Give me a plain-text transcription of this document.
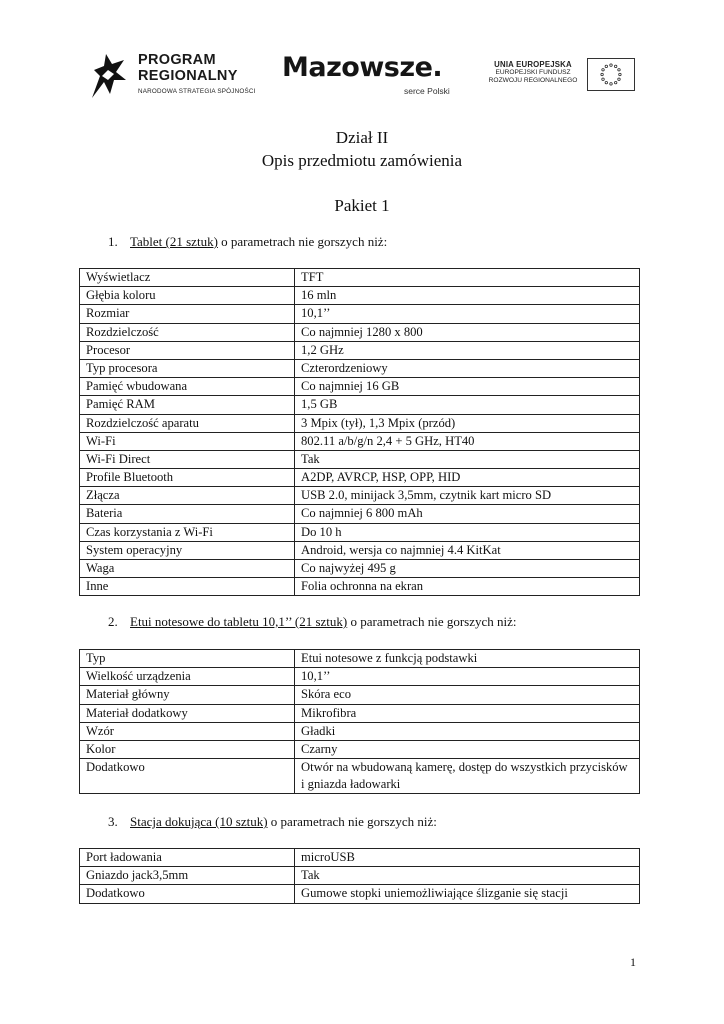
PROGRAM
REGIONALNY
NARODOWA STRATEGIA SPÓJNOŚCI
Mazowsze.
serce Polski
UNIA EUROPEJSKA
EUROPEJSKI FUNDUSZ
ROZWOJU REGIONALNEGO
Dział II
Opis przedmiotu zamówienia
Pakiet 1
1. Tablet (21 sztuk) o parametrach nie gorszych niż:
Wyświetlacz	TFT
Głębia koloru	16 mln
Rozmiar	10,1’’
Rozdzielczość	Co najmniej 1280 x 800
Procesor	1,2 GHz
Typ procesora	Czterordzeniowy
Pamięć wbudowana	Co najmniej 16 GB
Pamięć RAM	1,5 GB
Rozdzielczość aparatu	3 Mpix (tył), 1,3 Mpix (przód)
Wi-Fi	802.11 a/b/g/n 2,4 + 5 GHz, HT40
Wi-Fi Direct	Tak
Profile Bluetooth	A2DP, AVRCP, HSP, OPP, HID
Złącza	USB 2.0, minijack 3,5mm, czytnik kart micro SD
Bateria	Co najmniej 6 800 mAh
Czas korzystania z Wi-Fi	Do 10 h
System operacyjny	Android, wersja co najmniej 4.4 KitKat
Waga	Co najwyżej 495 g
Inne	Folia ochronna na ekran
2. Etui notesowe do tabletu 10,1’’ (21 sztuk) o parametrach nie gorszych niż:
Typ	Etui notesowe z funkcją podstawki
Wielkość urządzenia	10,1’’
Materiał główny	Skóra eco
Materiał dodatkowy	Mikrofibra
Wzór	Gładki
Kolor	Czarny
Dodatkowo	Otwór na wbudowaną kamerę, dostęp do wszystkich przycisków i gniazda ładowarki
3. Stacja dokująca (10 sztuk) o parametrach nie gorszych niż:
Port ładowania	microUSB
Gniazdo jack3,5mm	Tak
Dodatkowo	Gumowe stopki uniemożliwiające ślizganie się stacji
1
